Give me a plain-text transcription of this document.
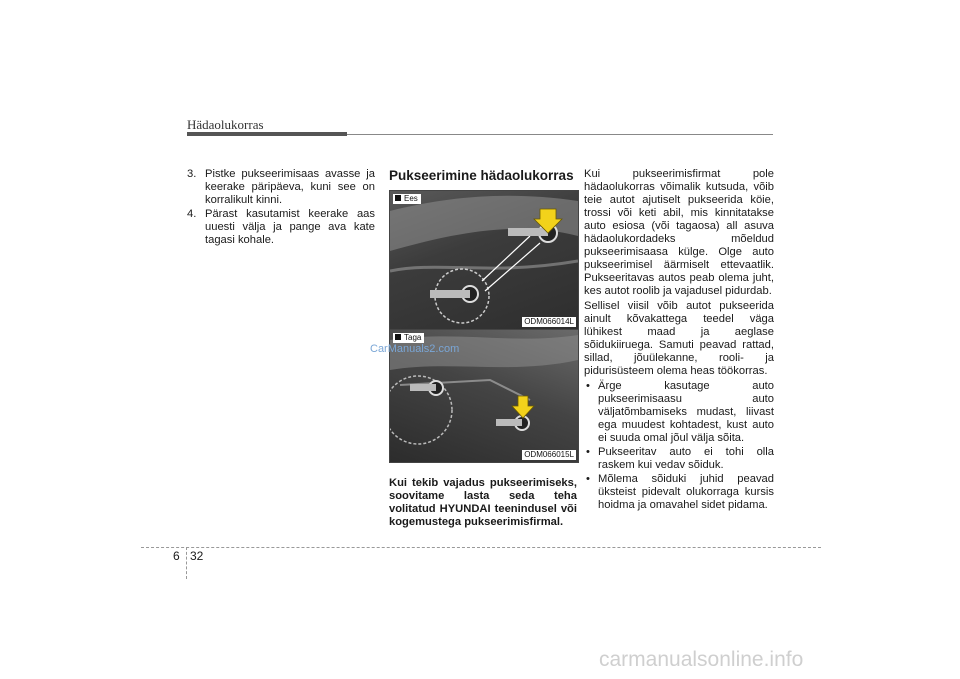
Hädaolukorras
3. Pistke pukseerimisaas avasse ja keerake päripäeva, kuni see on korralikult kinni.
4. Pärast kasutamist keerake aas uuesti välja ja pange ava kate tagasi kohale.
Pukseerimine hädaolukorras
Ees
ODM066014L
Taga
ODM066015L
Kui tekib vajadus pukseerimiseks, soovitame lasta seda teha volitatud HYUNDAI teenindusel või kogemustega pukseerimisfirmal.
Kui pukseerimisfirmat pole hädaolukorras võimalik kutsuda, võib teie autot ajutiselt pukseerida köie, trossi või keti abil, mis kinnitatakse auto esiosa (või tagaosa) all asuva hädaolukordadeks mõeldud pukseerimisaasa külge. Olge auto pukseerimisel äärmiselt ettevaatlik. Pukseeritavas autos peab olema juht, kes autot roolib ja vajadusel pidurdab.
Sellisel viisil võib autot pukseerida ainult kõvakattega teedel väga lühikest maad ja aeglase sõidukiiruega. Samuti peavad rattad, sillad, jõuülekanne, rooli- ja pidurisüsteem olema heas töökorras.
• Ärge kasutage auto pukseerimisaasu auto väljatõmbamiseks mudast, liivast ega muudest kohtadest, kust auto ei suuda omal jõul välja sõita.
• Pukseeritav auto ei tohi olla raskem kui vedav sõiduk.
• Mõlema sõiduki juhid peavad üksteist pidevalt olukorraga kursis hoidma ja omavahel sidet pidama.
6 32
CarManuals2.com
carmanualsonline.info
